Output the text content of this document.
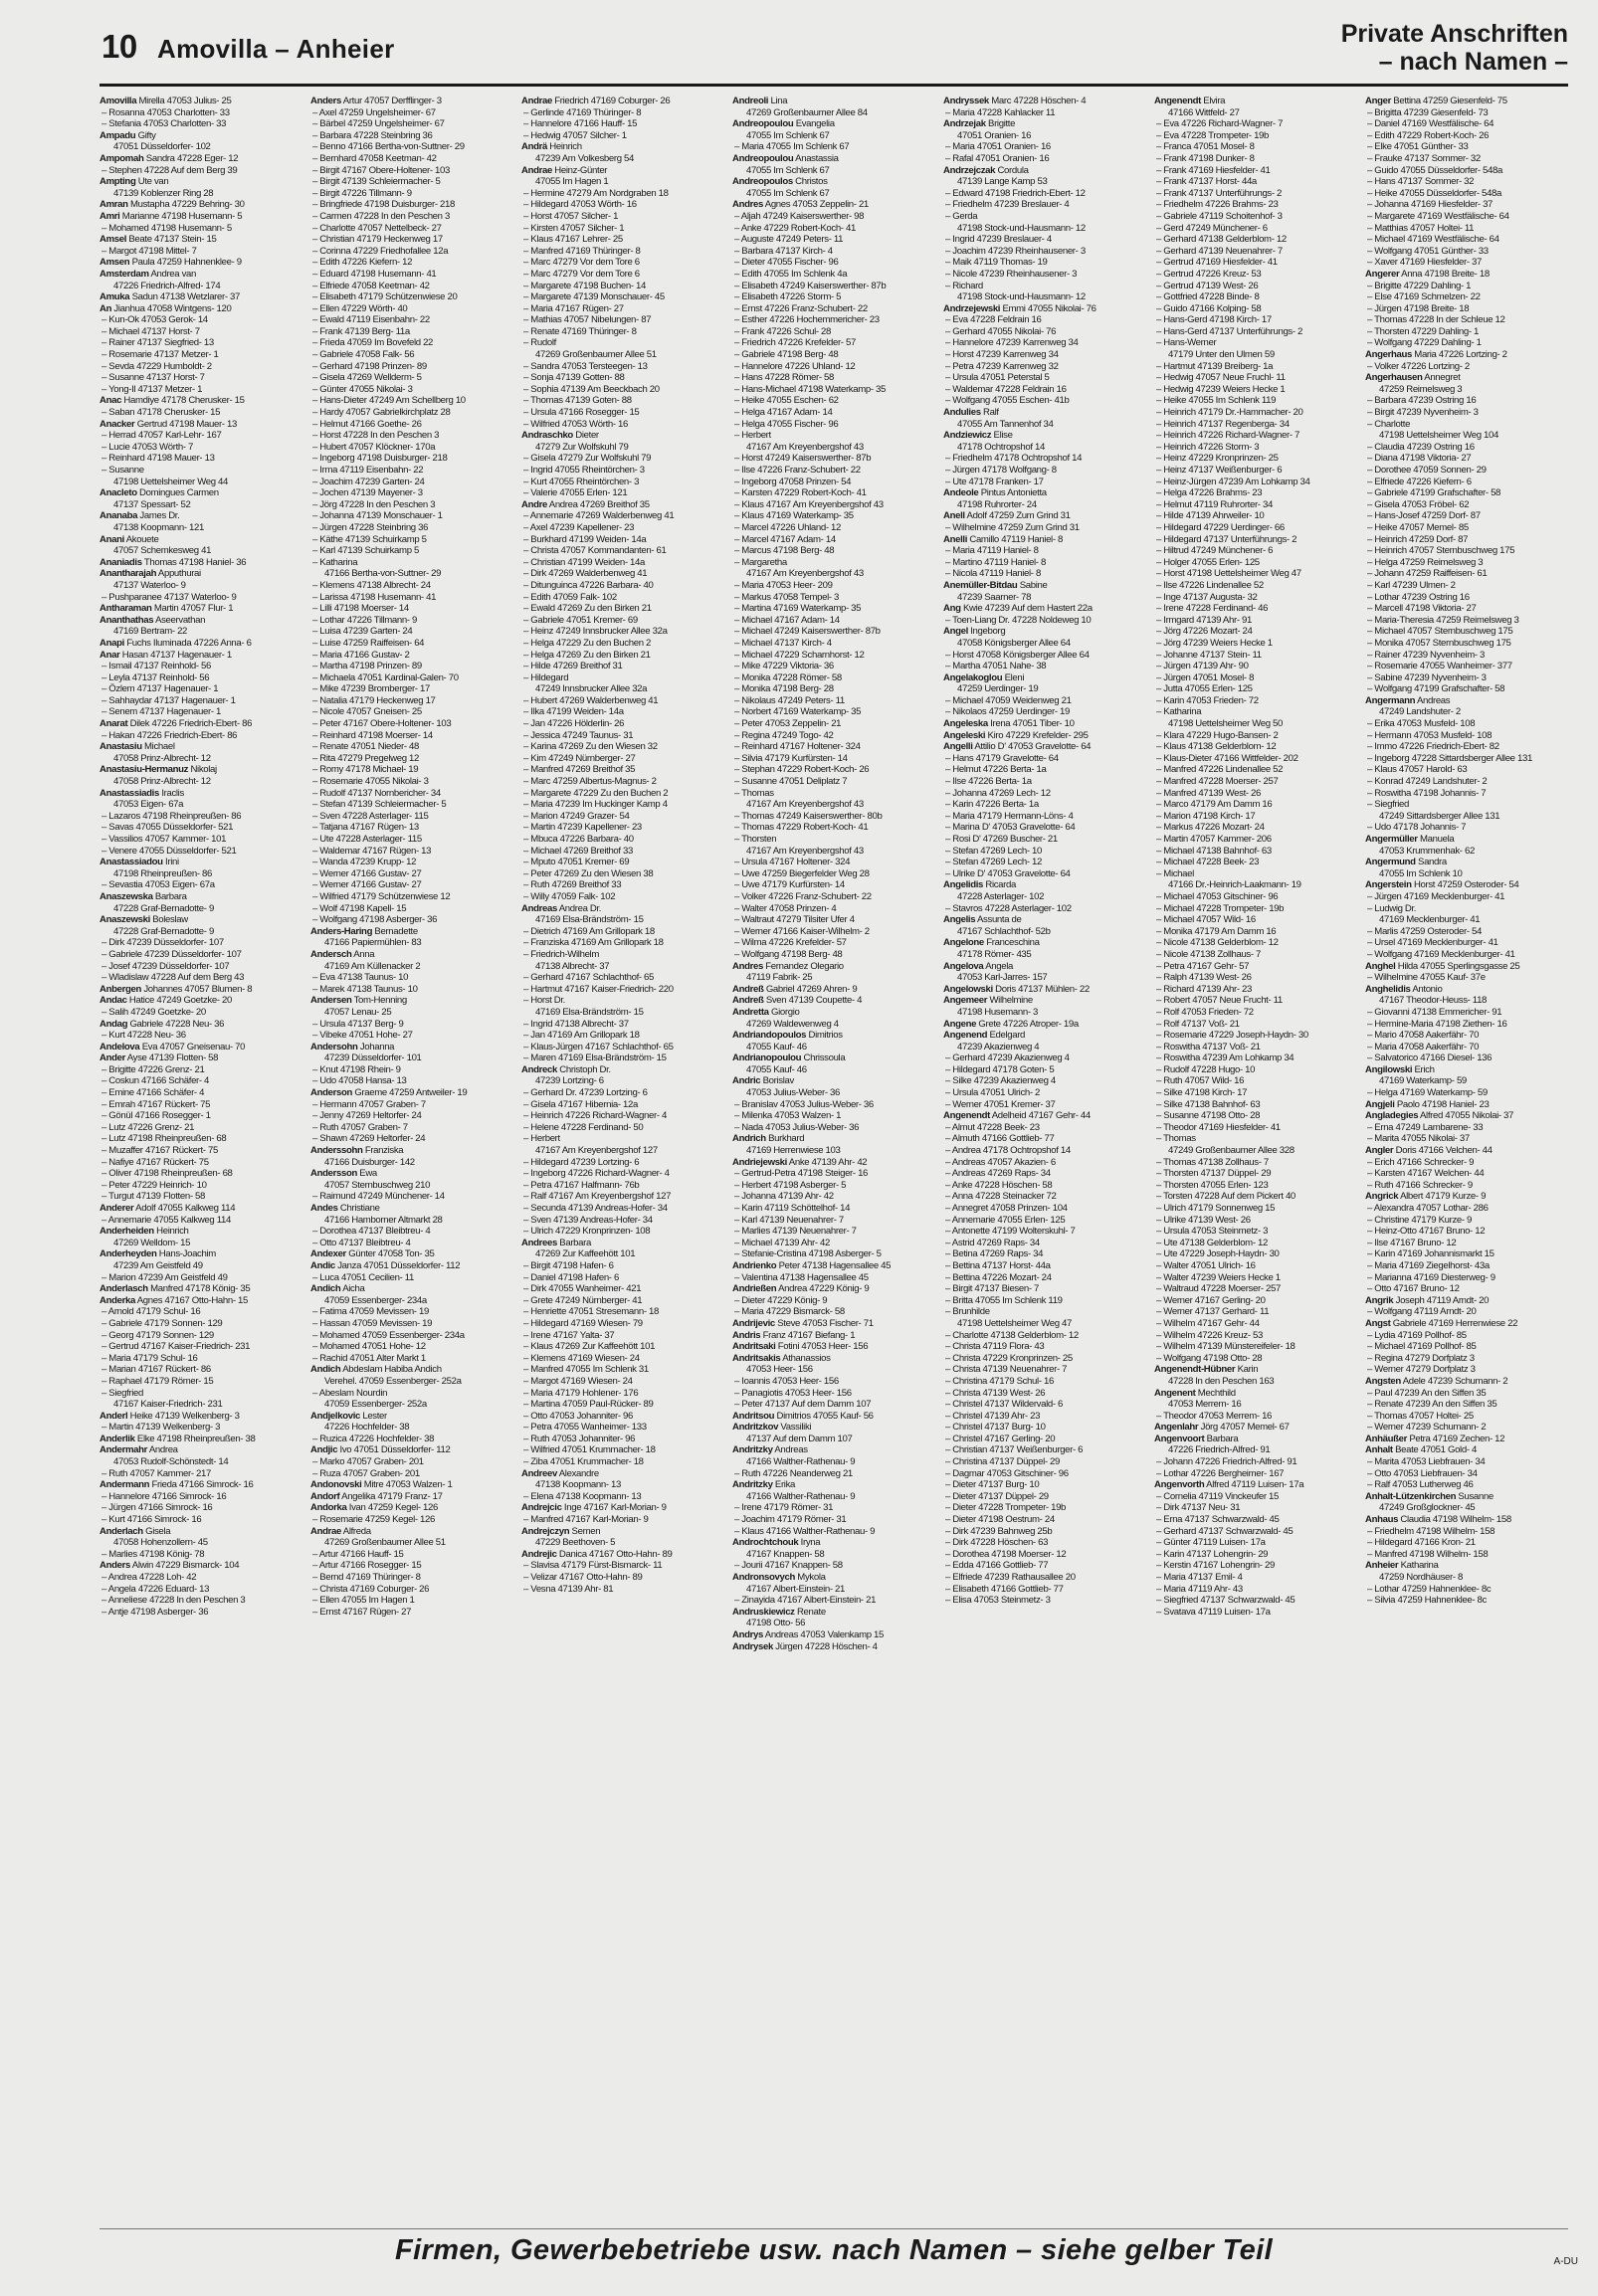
10 Amovilla – Anheier	Private Anschriften
– nach Namen –
Amovilla Mirella 47053 Julius- 25
– Rosanna 47053 Charlotten- 33
– Stefania 47053 Charlotten- 33
Ampadu Gifty
47051 Düsseldorfer- 102
Ampomah Sandra 47228 Eger- 12
– Stephen 47228 Auf dem Berg 39
Ampting Ute van
47139 Koblenzer Ring 28
Amran Mustapha 47229 Behring- 30
Amri Marianne 47198 Husemann- 5
– Mohamed 47198 Husemann- 5
Amsel Beate 47137 Stein- 15
– Margot 47198 Mittel- 7
Amsen Paula 47259 Hahnenklee- 9
Amsterdam Andrea van
47226 Friedrich-Alfred- 174
Amuka Sadun 47138 Wetzlarer- 37
An Jianhua 47058 Wintgens- 120
– Kun-Ok 47053 Gerok- 14
– Michael 47137 Horst- 7
– Rainer 47137 Siegfried- 13
– Rosemarie 47137 Metzer- 1
– Sevda 47229 Humboldt- 2
– Susanne 47137 Horst- 7
– Yong-Il 47137 Metzer- 1
Anac Hamdiye 47178 Cherusker- 15
– Saban 47178 Cherusker- 15
Anacker Gertrud 47198 Mauer- 13
– Herrad 47057 Karl-Lehr- 167
– Lucie 47053 Wörth- 7
– Reinhard 47198 Mauer- 13
– Susanne
47198 Uettelsheimer Weg 44
Anacleto Domingues Carmen
47137 Spessart- 52
Ananaba James Dr.
47138 Koopmann- 121
Anani Akouete
47057 Schemkesweg 41
Ananiadis Thomas 47198 Haniel- 36
Anantharajah Apputhurai
47137 Waterloo- 9
– Pushparanee 47137 Waterloo- 9
Antharaman Martin 47057 Flur- 1
Ananthathas Aseervathan
47169 Bertram- 22
Anapi Fuchs Iluminada 47226 Anna- 6
Anar Hasan 47137 Hagenauer- 1
– Ismail 47137 Reinhold- 56
– Leyla 47137 Reinhold- 56
– Özlem 47137 Hagenauer- 1
– Sahhaydar 47137 Hagenauer- 1
– Senem 47137 Hagenauer- 1
Anarat Dilek 47226 Friedrich-Ebert- 86
– Hakan 47226 Friedrich-Ebert- 86
Anastasiu Michael
47058 Prinz-Albrecht- 12
Anastasiu-Hermanuz Nikolaj
47058 Prinz-Albrecht- 12
Anastassiadis Iraclis
47053 Eigen- 67a
– Lazaros 47198 Rheinpreußen- 86
– Savas 47055 Düsseldorfer- 521
– Vassilios 47057 Kammer- 101
– Venere 47055 Düsseldorfer- 521
Anastassiadou Irini
47198 Rheinpreußen- 86
– Sevastia 47053 Eigen- 67a
Anaszewska Barbara
47228 Graf-Bernadotte- 9
Anaszewski Boleslaw
47228 Graf-Bernadotte- 9
– Dirk 47239 Düsseldorfer- 107
– Gabriele 47239 Düsseldorfer- 107
– Josef 47239 Düsseldorfer- 107
– Wladislaw 47228 Auf dem Berg 43
Anbergen Johannes 47057 Blumen- 8
Andac Hatice 47249 Goetzke- 20
– Salih 47249 Goetzke- 20
Andag Gabriele 47228 Neu- 36
– Kurt 47228 Neu- 36
Andelova Eva 47057 Gneisenau- 70
Ander Ayse 47139 Flotten- 58
– Brigitte 47226 Grenz- 21
– Coskun 47166 Schäfer- 4
– Emine 47166 Schäfer- 4
– Emrah 47167 Rückert- 75
– Gönül 47166 Rosegger- 1
– Lutz 47226 Grenz- 21
– Lutz 47198 Rheinpreußen- 68
– Muzaffer 47167 Rückert- 75
– Nafiye 47167 Rückert- 75
– Oliver 47198 Rheinpreußen- 68
– Peter 47229 Heinrich- 10
– Turgut 47139 Flotten- 58
Anderer Adolf 47055 Kalkweg 114
– Annemarie 47055 Kalkweg 114
Anderheiden Heinrich
47269 Welldom- 15
Anderheyden Hans-Joachim
47239 Am Geistfeld 49
– Marion 47239 Am Geistfeld 49
Anderlasch Manfred 47178 König- 35
Anderka Agnes 47167 Otto-Hahn- 15
– Arnold 47179 Schul- 16
– Gabriele 47179 Sonnen- 129
– Georg 47179 Sonnen- 129
– Gertrud 47167 Kaiser-Friedrich- 231
– Maria 47179 Schul- 16
– Marian 47167 Rückert- 86
– Raphael 47179 Römer- 15
– Siegfried
47167 Kaiser-Friedrich- 231
Anderl Heike 47139 Welkenberg- 3
– Martin 47139 Welkenberg- 3
Anderlik Elke 47198 Rheinpreußen- 38
Andermahr Andrea
47053 Rudolf-Schönstedt- 14
– Ruth 47057 Kammer- 217
Andermann Frieda 47166 Simrock- 16
– Hannelore 47166 Simrock- 16
– Jürgen 47166 Simrock- 16
– Kurt 47166 Simrock- 16
Anderlach Gisela
47058 Hohenzollern- 45
– Marlies 47198 König- 78
Anders Alwin 47229 Bismarck- 104
– Andrea 47228 Loh- 42
– Angela 47226 Eduard- 13
– Anneliese 47228 In den Peschen 3
– Antje 47198 Asberger- 36
Anders Artur 47057 Derfflinger- 3
– Axel 47259 Ungelsheimer- 67
– Bärbel 47259 Ungelsheimer- 67
– Barbara 47228 Steinbring 36
– Benno 47166 Bertha-von-Suttner- 29
– Bernhard 47058 Keetman- 42
– Birgit 47167 Obere-Holtener- 103
– Birgit 47139 Schleiermacher- 5
– Birgit 47226 Tillmann- 9
– Bringfriede 47198 Duisburger- 218
– Carmen 47228 In den Peschen 3
– Charlotte 47057 Nettelbeck- 27
– Christian 47179 Heckenweg 17
– Corinna 47229 Friedhofallee 12a
– Edith 47226 Kiefern- 12
– Eduard 47198 Husemann- 41
– Elfriede 47058 Keetman- 42
– Elisabeth 47179 Schützenwiese 20
– Ellen 47229 Wörth- 40
– Ewald 47119 Eisenbahn- 22
– Frank 47139 Berg- 11a
– Frieda 47059 Im Bovefeld 22
– Gabriele 47058 Falk- 56
– Gerhard 47198 Prinzen- 89
– Gisela 47269 Wellderm- 5
– Günter 47055 Nikolai- 3
– Hans-Dieter 47249 Am Schellberg 10
– Hardy 47057 Gabrielkirchplatz 28
– Helmut 47166 Goethe- 26
– Horst 47228 In den Peschen 3
– Hubert 47057 Klöckner- 170a
– Ingeborg 47198 Duisburger- 218
– Irma 47119 Eisenbahn- 22
– Joachim 47239 Garten- 24
– Jochen 47139 Mayener- 3
– Jörg 47228 In den Peschen 3
– Johanna 47139 Monschauer- 1
– Jürgen 47228 Steinbring 36
– Käthe 47139 Schuirkamp 5
– Karl 47139 Schuirkamp 5
– Katharina
47166 Bertha-von-Suttner- 29
– Klemens 47138 Albrecht- 24
– Larissa 47198 Husemann- 41
– Lilli 47198 Moerser- 14
– Lothar 47226 Tillmann- 9
– Luisa 47239 Garten- 24
– Luise 47259 Raiffeisen- 64
– Maria 47166 Gustav- 2
– Martha 47198 Prinzen- 89
– Michaela 47051 Kardinal-Galen- 70
– Mike 47239 Bromberger- 17
– Natalia 47179 Heckenweg 17
– Nicole 47057 Gneisen- 25
– Peter 47167 Obere-Holtener- 103
– Reinhard 47198 Moerser- 14
– Renate 47051 Nieder- 48
– Rita 47279 Pregelweg 12
– Romy 47178 Michael- 19
– Rosemarie 47055 Nikolai- 3
– Rudolf 47137 Nornbericher- 34
– Stefan 47139 Schleiermacher- 5
– Sven 47228 Asterlager- 115
– Tatjana 47167 Rügen- 13
– Ute 47228 Asterlager- 115
– Waldemar 47167 Rügen- 13
– Wanda 47239 Krupp- 12
– Werner 47166 Gustav- 27
– Werner 47166 Gustav- 27
– Wilfried 47179 Schützenwiese 12
– Wolf 47198 Kapell- 15
– Wolfgang 47198 Asberger- 36
Anders-Haring Bernadette
47166 Papiermühlen- 83
Andersch Anna
47169 Am Küllenacker 2
– Eva 47138 Taunus- 10
– Marek 47138 Taunus- 10
Andersen Tom-Henning
47057 Lenau- 25
– Ursula 47137 Berg- 9
– Vibeke 47051 Hohe- 27
Andersohn Johanna
47239 Düsseldorfer- 101
– Knut 47198 Rhein- 9
– Udo 47058 Hansa- 13
Anderson Graeme 47259 Antweiler- 19
– Hermann 47057 Graben- 7
– Jenny 47269 Heltorfer- 24
– Ruth 47057 Graben- 7
– Shawn 47269 Heltorfer- 24
Anderssohn Franziska
47166 Duisburger- 142
Andersson Ewa
47057 Sternbuschweg 210
– Raimund 47249 Münchener- 14
Andes Christiane
47166 Hamborner Altmarkt 28
– Dorothea 47137 Bleibtreu- 4
– Otto 47137 Bleibtreu- 4
Andexer Günter 47058 Ton- 35
Andic Janza 47051 Düsseldorfer- 112
– Luca 47051 Cecilien- 11
Andich Aicha
47059 Essenberger- 234a
– Fatima 47059 Mevissen- 19
– Hassan 47059 Mevissen- 19
– Mohamed 47059 Essenberger- 234a
– Mohamed 47051 Hohe- 12
– Rachid 47051 Alter Markt 1
Andich Abdeslam Habiba Andich
Verehel. 47059 Essenberger- 252a
– Abeslam Nourdin
47059 Essenberger- 252a
Andjelkovic Lester
47226 Hochfelder- 38
– Ruzica 47226 Hochfelder- 38
Andjic Ivo 47051 Düsseldorfer- 112
– Marko 47057 Graben- 201
– Ruza 47057 Graben- 201
Andonovski Mitre 47053 Walzen- 1
Andorf Angelika 47179 Franz- 17
Andorka Ivan 47259 Kegel- 126
– Rosemarie 47259 Kegel- 126
Andrae Alfreda
47269 Großenbaumer Allee 51
– Artur 47166 Hauff- 15
– Artur 47166 Rosegger- 15
– Bernd 47169 Thüringer- 8
– Christa 47169 Coburger- 26
– Ellen 47055 Im Hagen 1
– Ernst 47167 Rügen- 27
Andrae Friedrich 47169 Coburger- 26
– Gerlinde 47169 Thüringer- 8
– Hannelore 47166 Hauff- 15
– Hedwig 47057 Silcher- 1
Andrä Heinrich
47239 Am Volkesberg 54
Andrae Heinz-Günter
47055 Im Hagen 1
– Hermine 47279 Am Nordgraben 18
– Hildegard 47053 Wörth- 16
– Horst 47057 Silcher- 1
– Kirsten 47057 Silcher- 1
– Klaus 47167 Lehrer- 25
– Manfred 47169 Thüringer- 8
– Marc 47279 Vor dem Tore 6
– Marc 47279 Vor dem Tore 6
– Margarete 47198 Buchen- 14
– Margarete 47139 Monschauer- 45
– Maria 47167 Rügen- 27
– Mathias 47057 Nibelungen- 87
– Renate 47169 Thüringer- 8
– Rudolf
47269 Großenbaumer Allee 51
– Sandra 47053 Tersteegen- 13
– Sonja 47139 Gotten- 88
– Sophia 47139 Am Beeckbach 20
– Thomas 47139 Goten- 88
– Ursula 47166 Rosegger- 15
– Wilfried 47053 Wörth- 16
Andraschko Dieter
47279 Zur Wolfskuhl 79
– Gisela 47279 Zur Wolfskuhl 79
– Ingrid 47055 Rheintörchen- 3
– Kurt 47055 Rheintörchen- 3
– Valerie 47055 Erlen- 121
Andre Andrea 47269 Breithof 35
– Annemarie 47269 Walderbenweg 41
– Axel 47239 Kapellener- 23
– Burkhard 47199 Weiden- 14a
– Christa 47057 Kommandanten- 61
– Christian 47199 Weiden- 14a
– Dirk 47269 Walderbenweg 41
– Ditunguinca 47226 Barbara- 40
– Edith 47059 Falk- 102
– Ewald 47269 Zu den Birken 21
– Gabriele 47051 Kremer- 69
– Heinz 47249 Innsbrucker Allee 32a
– Helga 47229 Zu den Buchen 2
– Helga 47269 Zu den Birken 21
– Hilde 47269 Breithof 31
– Hildegard
47249 Innsbrucker Allee 32a
– Hubert 47269 Walderbenweg 41
– Ilka 47199 Weiden- 14a
– Jan 47226 Hölderlin- 26
– Jessica 47249 Taunus- 31
– Karina 47269 Zu den Wiesen 32
– Kim 47249 Nürnberger- 27
– Manfred 47269 Breithof 35
– Marc 47259 Albertus-Magnus- 2
– Margarete 47229 Zu den Buchen 2
– Maria 47239 Im Huckinger Kamp 4
– Marion 47249 Grazer- 54
– Martin 47239 Kapellener- 23
– Mbuca 47226 Barbara- 40
– Michael 47269 Breithof 33
– Mputo 47051 Kremer- 69
– Peter 47269 Zu den Wiesen 38
– Ruth 47269 Breithof 33
– Willy 47059 Falk- 102
Andreas Andrea Dr.
47169 Elsa-Brändström- 15
– Dietrich 47169 Am Grillopark 18
– Franziska 47169 Am Grillopark 18
– Friedrich-Wilhelm
47138 Albrecht- 37
– Gerhard 47167 Schlachthof- 65
– Hartmut 47167 Kaiser-Friedrich- 220
– Horst Dr.
47169 Elsa-Brändström- 15
– Ingrid 47138 Albrecht- 37
– Jan 47169 Am Grillopark 18
– Klaus-Jürgen 47167 Schlachthof- 65
– Maren 47169 Elsa-Brändström- 15
Andreck Christoph Dr.
47239 Lortzing- 6
– Gerhard Dr. 47239 Lortzing- 6
– Gisela 47167 Hibernia- 12a
– Heinrich 47226 Richard-Wagner- 4
– Helene 47228 Ferdinand- 50
– Herbert
47167 Am Kreyenbergshof 127
– Hildegard 47239 Lortzing- 6
– Ingeborg 47226 Richard-Wagner- 4
– Petra 47167 Halfmann- 76b
– Ralf 47167 Am Kreyenbergshof 127
– Secunda 47139 Andreas-Hofer- 34
– Sven 47139 Andreas-Hofer- 34
– Ulrich 47229 Kronprinzen- 108
Andrees Barbara
47269 Zur Kaffeehött 101
– Birgit 47198 Hafen- 6
– Daniel 47198 Hafen- 6
– Dirk 47055 Wanheimer- 421
– Grete 47249 Nürnberger- 41
– Henriette 47051 Stresemann- 18
– Hildegard 47169 Wiesen- 79
– Irene 47167 Yalta- 37
– Klaus 47269 Zur Kaffeehött 101
– Klemens 47169 Wiesen- 24
– Manfred 47055 Im Schlenk 31
– Margot 47169 Wiesen- 24
– Maria 47179 Hohlener- 176
– Martina 47059 Paul-Rücker- 89
– Otto 47053 Johanniter- 96
– Petra 47055 Wanheimer- 133
– Ruth 47053 Johanniter- 96
– Wilfried 47051 Krummacher- 18
– Ziba 47051 Krummacher- 18
Andreev Alexandre
47138 Koopmann- 13
– Elena 47138 Koopmann- 13
Andrejcic Inge 47167 Karl-Morian- 9
– Manfred 47167 Karl-Morian- 9
Andrejczyn Semen
47229 Beethoven- 5
Andrejic Danica 47167 Otto-Hahn- 89
– Slavisa 47179 Fürst-Bismarck- 11
– Velizar 47167 Otto-Hahn- 89
– Vesna 47139 Ahr- 81
Andreoli Lina
47269 Großenbaumer Allee 84
Andreopoulou Evangelia
47055 Im Schlenk 67
– Maria 47055 Im Schlenk 67
Andreopoulou Anastassia
47055 Im Schlenk 67
Andreopoulos Christos
47055 Im Schlenk 67
Andres Agnes 47053 Zeppelin- 21
– Aljah 47249 Kaiserswerther- 98
– Anke 47229 Robert-Koch- 41
– Auguste 47249 Peters- 11
– Barbara 47137 Kirch- 4
– Dieter 47055 Fischer- 96
– Edith 47055 Im Schlenk 4a
– Elisabeth 47249 Kaiserswerther- 87b
– Elisabeth 47226 Storm- 5
– Ernst 47226 Franz-Schubert- 22
– Esther 47226 Hochemmericher- 23
– Frank 47226 Schul- 28
– Friedrich 47226 Krefelder- 57
– Gabriele 47198 Berg- 48
– Hannelore 47226 Uhland- 12
– Hans 47228 Römer- 58
– Hans-Michael 47198 Waterkamp- 35
– Heike 47055 Eschen- 62
– Helga 47167 Adam- 14
– Helga 47055 Fischer- 96
– Herbert
47167 Am Kreyenbergshof 43
– Horst 47249 Kaiserswerther- 87b
– Ilse 47226 Franz-Schubert- 22
– Ingeborg 47058 Prinzen- 54
– Karsten 47229 Robert-Koch- 41
– Klaus 47167 Am Kreyenbergshof 43
– Klaus 47169 Waterkamp- 35
– Marcel 47226 Uhland- 12
– Marcel 47167 Adam- 14
– Marcus 47198 Berg- 48
– Margaretha
47167 Am Kreyenbergshof 43
– Maria 47053 Heer- 209
– Markus 47058 Tempel- 3
– Martina 47169 Waterkamp- 35
– Michael 47167 Adam- 14
– Michael 47249 Kaiserswerther- 87b
– Michael 47137 Kirch- 4
– Michael 47229 Scharnhorst- 12
– Mike 47229 Viktoria- 36
– Monika 47228 Römer- 58
– Monika 47198 Berg- 28
– Nikolaus 47249 Peters- 11
– Norbert 47169 Waterkamp- 35
– Peter 47053 Zeppelin- 21
– Regina 47249 Togo- 42
– Reinhard 47167 Holtener- 324
– Silvia 47179 Kurfürsten- 14
– Stephan 47229 Robert-Koch- 26
– Susanne 47051 Deliplatz 7
– Thomas
47167 Am Kreyenbergshof 43
– Thomas 47249 Kaiserswerther- 80b
– Thomas 47229 Robert-Koch- 41
– Thorsten
47167 Am Kreyenbergshof 43
– Ursula 47167 Holtener- 324
– Uwe 47259 Biegerfelder Weg 28
– Uwe 47179 Kurfürsten- 14
– Volker 47226 Franz-Schubert- 22
– Walter 47058 Prinzen- 4
– Waltraut 47279 Tilsiter Ufer 4
– Werner 47166 Kaiser-Wilhelm- 2
– Wilma 47226 Krefelder- 57
– Wolfgang 47198 Berg- 48
Andres Fernandez Olegario
47119 Fabrik- 25
Andreß Gabriel 47269 Ahren- 9
Andreß Sven 47139 Coupette- 4
Andretta Giorgio
47269 Waldewenweg 4
Andriandopoulos Dimitrios
47055 Kauf- 46
Andrianopoulou Chrissoula
47055 Kauf- 46
Andric Borislav
47053 Julius-Weber- 36
– Branislav 47053 Julius-Weber- 36
– Milenka 47053 Walzen- 1
– Nada 47053 Julius-Weber- 36
Andrich Burkhard
47169 Herrenwiese 103
Andriejewski Anke 47139 Ahr- 42
– Gertrud-Petra 47198 Steiger- 16
– Herbert 47198 Asberger- 5
– Johanna 47139 Ahr- 42
– Karin 47119 Schöttelhof- 14
– Karl 47139 Neuenahrer- 7
– Marlies 47139 Neuenahrer- 7
– Michael 47139 Ahr- 42
– Stefanie-Cristina 47198 Asberger- 5
Andrienko Peter 47138 Hagensallee 45
– Valentina 47138 Hagensallee 45
Andrießen Andrea 47229 König- 9
– Dieter 47229 König- 9
– Maria 47229 Bismarck- 58
Andrijevic Steve 47053 Fischer- 71
Andris Franz 47167 Biefang- 1
Andritsaki Fotini 47053 Heer- 156
Andritsakis Athanassios
47053 Heer- 156
– Ioannis 47053 Heer- 156
– Panagiotis 47053 Heer- 156
– Peter 47137 Auf dem Damm 107
Andritsou Dimitrios 47055 Kauf- 56
Andritzkov Vassiliki
47137 Auf dem Damm 107
Andritzky Andreas
47166 Walther-Rathenau- 9
– Ruth 47226 Neanderweg 21
Andritzky Erika
47166 Walther-Rathenau- 9
– Irene 47179 Römer- 31
– Joachim 47179 Römer- 31
– Klaus 47166 Walther-Rathenau- 9
Androchtchouk Iryna
47167 Knappen- 58
– Jourii 47167 Knappen- 58
Andronsovych Mykola
47167 Albert-Einstein- 21
– Zinayida 47167 Albert-Einstein- 21
Andruskiewicz Renate
47198 Otto- 56
Andrys Andreas 47053 Valenkamp 15
Andrysek Jürgen 47228 Höschen- 4
Andryssek Marc 47228 Höschen- 4
– Maria 47228 Kahlacker 11
Andrzejak Brigitte
47051 Oranien- 16
– Maria 47051 Oranien- 16
– Rafal 47051 Oranien- 16
Andrzejczak Cordula
47139 Lange Kamp 53
– Edward 47198 Friedrich-Ebert- 12
– Friedhelm 47239 Breslauer- 4
– Gerda
47198 Stock-und-Hausmann- 12
– Ingrid 47239 Breslauer- 4
– Joachim 47239 Rheinhausener- 3
– Maik 47119 Thomas- 19
– Nicole 47239 Rheinhausener- 3
– Richard
47198 Stock-und-Hausmann- 12
Andrzejewski Emmi 47055 Nikolai- 76
– Eva 47228 Feldrain 16
– Gerhard 47055 Nikolai- 76
– Hannelore 47239 Karrenweg 34
– Horst 47239 Karrenweg 34
– Petra 47239 Karrenweg 32
– Ursula 47051 Peterstal 5
– Waldemar 47228 Feldrain 16
– Wolfgang 47055 Eschen- 41b
Andulies Ralf
47055 Am Tannenhof 34
Andziewicz Elise
47178 Ochtropshof 14
– Friedhelm 47178 Ochtropshof 14
– Jürgen 47178 Wolfgang- 8
– Ute 47178 Franken- 17
Andeole Pintus Antonietta
47198 Ruhrorter- 24
Anell Adolf 47259 Zum Grind 31
– Wilhelmine 47259 Zum Grind 31
Anelli Camillo 47119 Haniel- 8
– Maria 47119 Haniel- 8
– Martino 47119 Haniel- 8
– Nicola 47119 Haniel- 8
Anemüller-Bitdau Sabine
47239 Saarner- 78
Ang Kwie 47239 Auf dem Hastert 22a
– Toen-Liang Dr. 47228 Noldeweg 10
Angel Ingeborg
47058 Königsberger Allee 64
– Horst 47058 Königsberger Allee 64
– Martha 47051 Nahe- 38
Angelakoglou Eleni
47259 Uerdinger- 19
– Michael 47059 Weidenweg 21
– Nikolaos 47259 Uerdinger- 19
Angeleska Irena 47051 Tiber- 10
Angeleski Kiro 47229 Krefelder- 295
Angelli Attilio D' 47053 Gravelotte- 64
– Hans 47179 Gravelotte- 64
– Helmut 47226 Berta- 1a
– Ilse 47226 Berta- 1a
– Johanna 47269 Lech- 12
– Karin 47226 Berta- 1a
– Maria 47179 Hermann-Löns- 4
– Marina D' 47053 Gravelotte- 64
– Rosi D' 47269 Buscher- 21
– Stefan 47269 Lech- 10
– Stefan 47269 Lech- 12
– Ulrike D' 47053 Gravelotte- 64
Angelidis Ricarda
47228 Asterlager- 102
– Stavros 47228 Asterlager- 102
Angelis Assunta de
47167 Schlachthof- 52b
Angelone Franceschina
47178 Römer- 435
Angelova Angela
47053 Karl-Jarres- 157
Angelowski Doris 47137 Mühlen- 22
Angemeer Wilhelmine
47198 Husemann- 3
Angene Grete 47226 Atroper- 19a
Angenend Edelgard
47239 Akazienweg 4
– Gerhard 47239 Akazienweg 4
– Hildegard 47178 Goten- 5
– Silke 47239 Akazienweg 4
– Ursula 47051 Ulrich- 2
– Werner 47051 Kremer- 37
Angenendt Adelheid 47167 Gehr- 44
– Almut 47228 Beek- 23
– Almuth 47166 Gottlieb- 77
– Andrea 47178 Ochtropshof 14
– Andreas 47057 Akazien- 6
– Andreas 47269 Raps- 34
– Anke 47228 Höschen- 58
– Anna 47228 Steinacker 72
– Annegret 47058 Prinzen- 104
– Annemarie 47055 Erlen- 125
– Antonette 47199 Wolterskuhl- 7
– Astrid 47269 Raps- 34
– Betina 47269 Raps- 34
– Bettina 47137 Horst- 44a
– Bettina 47226 Mozart- 24
– Birgit 47137 Biesen- 7
– Britta 47055 Im Schlenk 119
– Brunhilde
47198 Uettelsheimer Weg 47
– Charlotte 47138 Gelderblom- 12
– Christa 47119 Flora- 43
– Christa 47229 Kronprinzen- 25
– Christa 47139 Neuenahrer- 7
– Christina 47179 Schul- 16
– Christa 47139 West- 26
– Christel 47137 Wildervald- 6
– Christel 47139 Ahr- 23
– Christel 47137 Burg- 10
– Christel 47167 Gerling- 20
– Christian 47137 Weißenburger- 6
– Christina 47137 Düppel- 29
– Dagmar 47053 Gitschiner- 96
– Dieter 47137 Burg- 10
– Dieter 47137 Düppel- 29
– Dieter 47228 Trompeter- 19b
– Dieter 47198 Oestrum- 24
– Dirk 47239 Bahnweg 25b
– Dirk 47228 Höschen- 63
– Dorothea 47198 Moerser- 12
– Edda 47166 Gottlieb- 77
– Elfriede 47239 Rathausallee 20
– Elisabeth 47166 Gottlieb- 77
– Elisa 47053 Steinmetz- 3
Angenendt Elvira
47166 Wittfeld- 27
– Eva 47226 Richard-Wagner- 7
– Eva 47228 Trompeter- 19b
– Franca 47051 Mosel- 8
– Frank 47198 Dunker- 8
– Frank 47169 Hiesfelder- 41
– Frank 47137 Horst- 44a
– Frank 47137 Unterführungs- 2
– Friedhelm 47226 Brahms- 23
– Gabriele 47119 Schoitenhof- 3
– Gerd 47249 Münchener- 6
– Gerhard 47138 Gelderblom- 12
– Gerhard 47139 Neuenahrer- 7
– Gertrud 47169 Hiesfelder- 41
– Gertrud 47226 Kreuz- 53
– Gertrud 47139 West- 26
– Gottfried 47228 Binde- 8
– Guido 47166 Kolping- 58
– Hans-Gerd 47198 Kirch- 17
– Hans-Gerd 47137 Unterführungs- 2
– Hans-Werner
47179 Unter den Ulmen 59
– Hartmut 47139 Breiberg- 1a
– Hedwig 47057 Neue Fruchl- 11
– Hedwig 47239 Weiers Hecke 1
– Heike 47055 Im Schlenk 119
– Heinrich 47179 Dr.-Hammacher- 20
– Heinrich 47137 Regenberga- 34
– Heinrich 47226 Richard-Wagner- 7
– Heinrich 47226 Storm- 3
– Heinz 47229 Kronprinzen- 25
– Heinz 47137 Weißenburger- 6
– Heinz-Jürgen 47239 Am Lohkamp 34
– Helga 47226 Brahms- 23
– Helmut 47119 Ruhrorter- 34
– Hilde 47139 Ahrweiler- 10
– Hildegard 47229 Uerdinger- 66
– Hildegard 47137 Unterführungs- 2
– Hiltrud 47249 Münchener- 6
– Holger 47055 Erlen- 125
– Horst 47198 Uettelsheimer Weg 47
– Ilse 47226 Lindenallee 52
– Inge 47137 Augusta- 32
– Irene 47228 Ferdinand- 46
– Irmgard 47139 Ahr- 91
– Jörg 47226 Mozart- 24
– Jörg 47239 Weiers Hecke 1
– Johanne 47137 Stein- 11
– Jürgen 47139 Ahr- 90
– Jürgen 47051 Mosel- 8
– Jutta 47055 Erlen- 125
– Karin 47053 Frieden- 72
– Katharina
47198 Uettelsheimer Weg 50
– Klara 47229 Hugo-Bansen- 2
– Klaus 47138 Gelderblom- 12
– Klaus-Dieter 47166 Wittfelder- 202
– Manfred 47226 Lindenallee 52
– Manfred 47228 Moerser- 257
– Manfred 47139 West- 26
– Marco 47179 Am Damm 16
– Marion 47198 Kirch- 17
– Markus 47226 Mozart- 24
– Martin 47057 Kammer- 206
– Michael 47138 Bahnhof- 63
– Michael 47228 Beek- 23
– Michael
47166 Dr.-Heinrich-Laakmann- 19
– Michael 47053 Gitschiner- 96
– Michael 47228 Trompeter- 19b
– Michael 47057 Wild- 16
– Monika 47179 Am Damm 16
– Nicole 47138 Gelderblom- 12
– Nicole 47138 Zollhaus- 7
– Petra 47167 Gehr- 57
– Ralph 47139 West- 26
– Richard 47139 Ahr- 23
– Robert 47057 Neue Frucht- 11
– Rolf 47053 Frieden- 72
– Rolf 47137 Voß- 21
– Rosemarie 47229 Joseph-Haydn- 30
– Roswitha 47137 Voß- 21
– Roswitha 47239 Am Lohkamp 34
– Rudolf 47228 Hugo- 10
– Ruth 47057 Wild- 16
– Silke 47198 Kirch- 17
– Silke 47138 Bahnhof- 63
– Susanne 47198 Otto- 28
– Theodor 47169 Hiesfelder- 41
– Thomas
47249 Großenbaumer Allee 328
– Thomas 47138 Zollhaus- 7
– Thorsten 47137 Düppel- 29
– Thorsten 47055 Erlen- 123
– Torsten 47228 Auf dem Pickert 40
– Ulrich 47179 Sonnenweg 15
– Ulrike 47139 West- 26
– Ursula 47053 Steinmetz- 3
– Ute 47138 Gelderblom- 12
– Ute 47229 Joseph-Haydn- 30
– Walter 47051 Ulrich- 16
– Walter 47239 Weiers Hecke 1
– Waltraud 47228 Moerser- 257
– Werner 47167 Gerling- 20
– Werner 47137 Gerhard- 11
– Wilhelm 47167 Gehr- 44
– Wilhelm 47226 Kreuz- 53
– Wilhelm 47139 Münstereifeler- 18
– Wolfgang 47198 Otto- 28
Angenendt-Hübner Karin
47228 In den Peschen 163
Angenent Mechthild
47053 Merrem- 16
– Theodor 47053 Merrem- 16
Angenlahr Jörg 47057 Memel- 67
Angenvoort Barbara
47226 Friedrich-Alfred- 91
– Johann 47226 Friedrich-Alfred- 91
– Lothar 47226 Bergheimer- 167
Angenvorth Alfred 47119 Luisen- 17a
– Cornelia 47119 Vinckeufer 15
– Dirk 47137 Neu- 31
– Erna 47137 Schwarzwald- 45
– Gerhard 47137 Schwarzwald- 45
– Günter 47119 Luisen- 17a
– Karin 47137 Lohengrin- 29
– Kerstin 47167 Lohengrin- 29
– Maria 47137 Emil- 4
– Maria 47119 Ahr- 43
– Siegfried 47137 Schwarzwald- 45
– Svatava 47119 Luisen- 17a
Anger Bettina 47259 Giesenfeld- 75
– Brigitta 47239 Giesenfeld- 73
– Daniel 47169 Westfälische- 64
– Edith 47229 Robert-Koch- 26
– Elke 47051 Günther- 33
– Frauke 47137 Sommer- 32
– Guido 47055 Düsseldorfer- 548a
– Hans 47137 Sommer- 32
– Heike 47055 Düsseldorfer- 548a
– Johanna 47169 Hiesfelder- 37
– Margarete 47169 Westfälische- 64
– Matthias 47057 Holtei- 11
– Michael 47169 Westfälische- 64
– Wolfgang 47051 Günther- 33
– Xaver 47169 Hiesfelder- 37
Angerer Anna 47198 Breite- 18
– Brigitte 47229 Dahling- 1
– Else 47169 Schmelzen- 22
– Jürgen 47198 Breite- 18
– Thomas 47228 In der Schleue 12
– Thorsten 47229 Dahling- 1
– Wolfgang 47229 Dahling- 1
Angerhaus Maria 47226 Lortzing- 2
– Volker 47226 Lortzing- 2
Angerhausen Annegret
47259 Reimelsweg 3
– Barbara 47239 Ostring 16
– Birgit 47239 Nyvenheim- 3
– Charlotte
47198 Uettelsheimer Weg 104
– Claudia 47239 Ostring 16
– Diana 47198 Viktoria- 27
– Dorothee 47059 Sonnen- 29
– Elfriede 47226 Kiefern- 6
– Gabriele 47199 Grafschafter- 58
– Gisela 47053 Fröbel- 62
– Hans-Josef 47259 Dorf- 87
– Heike 47057 Memel- 85
– Heinrich 47259 Dorf- 87
– Heinrich 47057 Sternbuschweg 175
– Helga 47259 Reimelsweg 3
– Johann 47259 Raiffeisen- 61
– Karl 47239 Ulmen- 2
– Lothar 47239 Ostring 16
– Marcell 47198 Viktoria- 27
– Maria-Theresia 47259 Reimelsweg 3
– Michael 47057 Sternbuschweg 175
– Monika 47057 Sternbuschweg 175
– Rainer 47239 Nyvenheim- 3
– Rosemarie 47055 Wanheimer- 377
– Sabine 47239 Nyvenheim- 3
– Wolfgang 47199 Grafschafter- 58
Angermann Andreas
47249 Landshuter- 2
– Erika 47053 Musfeld- 108
– Hermann 47053 Musfeld- 108
– Immo 47226 Friedrich-Ebert- 82
– Ingeborg 47228 Sittardsberger Allee 131
– Klaus 47057 Harold- 63
– Konrad 47249 Landshuter- 2
– Roswitha 47198 Johannis- 7
– Siegfried
47249 Sittardsberger Allee 131
– Udo 47178 Johannis- 7
Angermüller Manuela
47053 Krummenhak- 62
Angermund Sandra
47055 Im Schlenk 10
Angerstein Horst 47259 Osteroder- 54
– Jürgen 47169 Mecklenburger- 41
– Ludwig Dr.
47169 Mecklenburger- 41
– Marlis 47259 Osteroder- 54
– Ursel 47169 Mecklenburger- 41
– Wolfgang 47169 Mecklenburger- 41
Anghel Hilda 47055 Sperlingsgasse 25
– Wilhelmine 47055 Kauf- 37e
Anghelidis Antonio
47167 Theodor-Heuss- 118
– Giovanni 47138 Emmericher- 91
– Hermine-Maria 47198 Ziethen- 16
– Mario 47058 Aakerfähr- 70
– Maria 47058 Aakerfähr- 70
– Salvatorico 47166 Diesel- 136
Angilowski Erich
47169 Waterkamp- 59
– Helga 47169 Waterkamp- 59
Angjeli Paolo 47198 Haniel- 23
Angladegies Alfred 47055 Nikolai- 37
– Erna 47249 Lambarene- 33
– Marita 47055 Nikolai- 37
Angler Doris 47166 Velchen- 44
– Erich 47166 Schrecker- 9
– Karsten 47167 Welchen- 44
– Ruth 47166 Schrecker- 9
Angrick Albert 47179 Kurze- 9
– Alexandra 47057 Lothar- 286
– Christine 47179 Kurze- 9
– Heinz-Otto 47167 Bruno- 12
– Ilse 47167 Bruno- 12
– Karin 47169 Johannismarkt 15
– Maria 47169 Ziegelhorst- 43a
– Marianna 47169 Diesterweg- 9
– Otto 47167 Bruno- 12
Angrik Joseph 47119 Arndt- 20
– Wolfgang 47119 Arndt- 20
Angst Gabriele 47169 Herrenwiese 22
– Lydia 47169 Pollhof- 85
– Michael 47169 Pollhof- 85
– Regina 47279 Dorfplatz 3
– Werner 47279 Dorfplatz 3
Angsten Adele 47239 Schumann- 2
– Paul 47239 An den Siffen 35
– Renate 47239 An den Siffen 35
– Thomas 47057 Holtei- 25
– Werner 47239 Schumann- 2
Anhäußer Petra 47169 Zechen- 12
Anhalt Beate 47051 Gold- 4
– Marita 47053 Liebfrauen- 34
– Otto 47053 Liebfrauen- 34
– Ralf 47053 Lutherweg 46
Anhalt-Lützenkirchen Susanne
47249 Großglockner- 45
Anhaus Claudia 47198 Wilhelm- 158
– Friedhelm 47198 Wilhelm- 158
– Hildegard 47166 Kron- 21
– Manfred 47198 Wilhelm- 158
Anheier Katharina
47259 Nordhäuser- 8
– Lothar 47259 Hahnenklee- 8c
– Silvia 47259 Hahnenklee- 8c
Firmen, Gewerbebetriebe usw. nach Namen – siehe gelber Teil	A-DU
